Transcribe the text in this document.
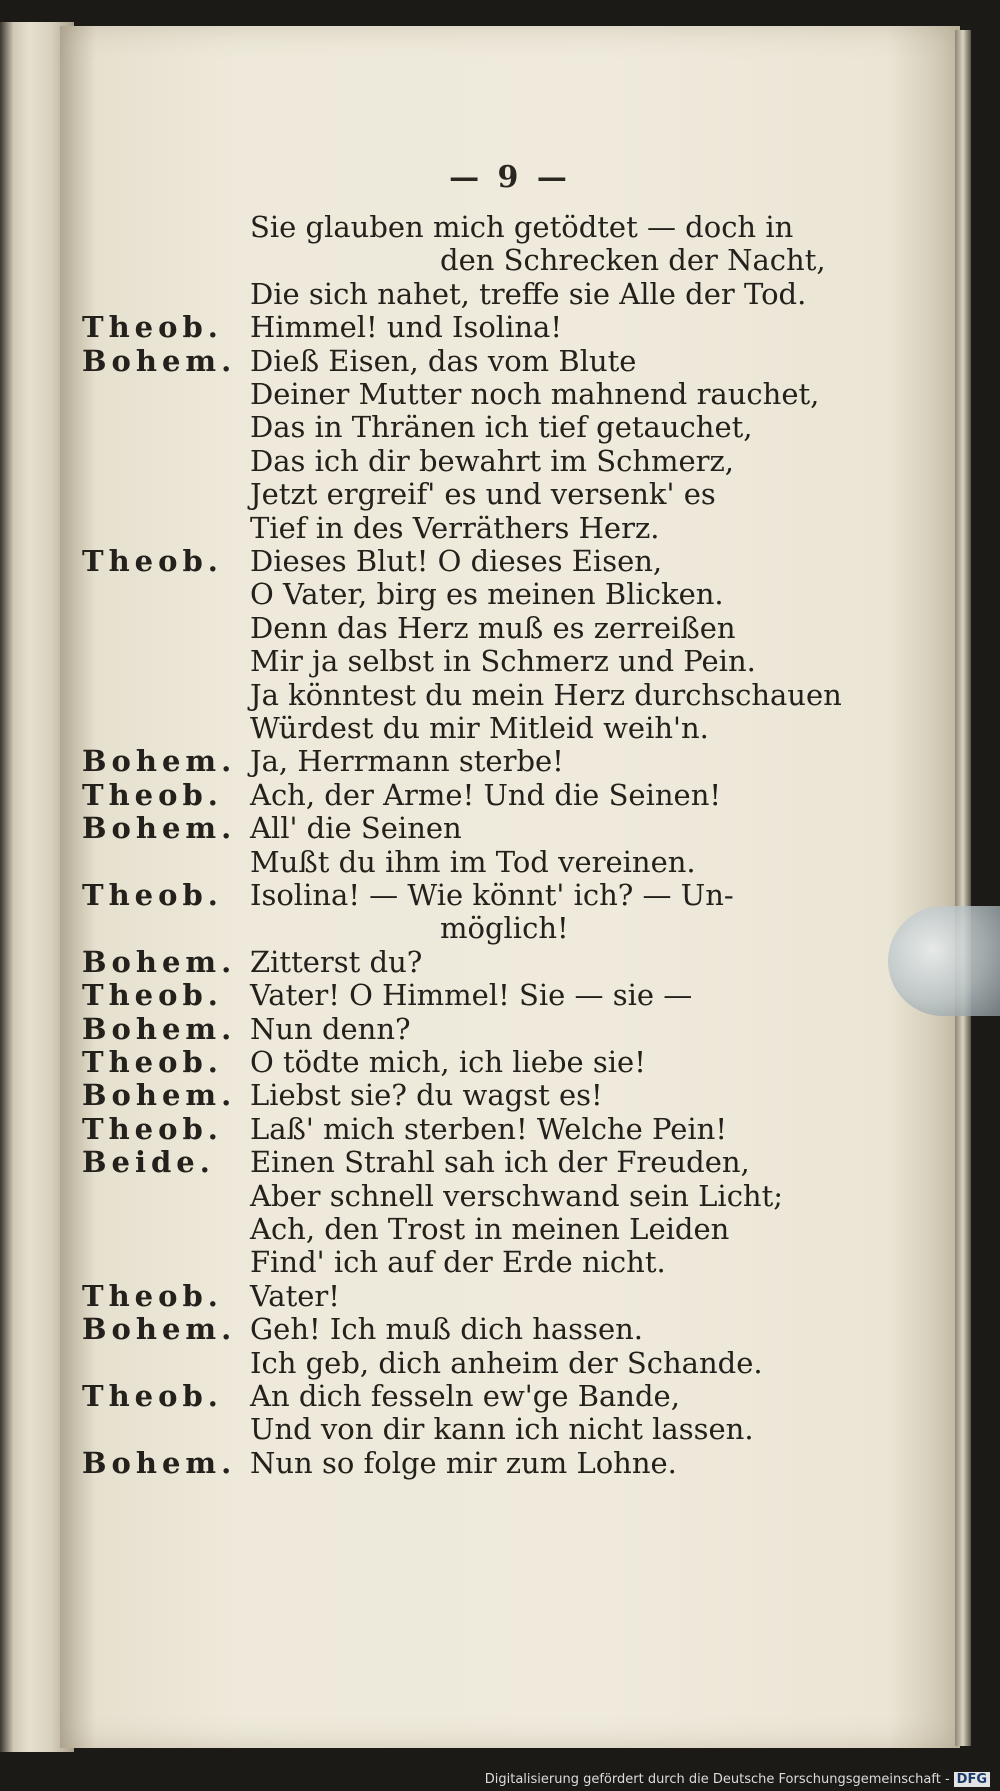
— 9 —
Sie glauben mich getödtet — doch in
den Schrecken der Nacht,
Die sich nahet, treffe sie Alle der Tod.
Theob. Himmel! und Isolina!
Bohem. Dieß Eisen, das vom Blute
Deiner Mutter noch mahnend rauchet,
Das in Thränen ich tief getauchet,
Das ich dir bewahrt im Schmerz,
Jetzt ergreif' es und versenk' es
Tief in des Verräthers Herz.
Theob. Dieses Blut! O dieses Eisen,
O Vater, birg es meinen Blicken.
Denn das Herz muß es zerreißen
Mir ja selbst in Schmerz und Pein.
Ja könntest du mein Herz durchschauen
Würdest du mir Mitleid weih'n.
Bohem. Ja, Herrmann sterbe!
Theob. Ach, der Arme! Und die Seinen!
Bohem. All' die Seinen
Mußt du ihm im Tod vereinen.
Theob. Isolina! — Wie könnt' ich? — Un-
möglich!
Bohem. Zitterst du?
Theob. Vater! O Himmel! Sie — sie —
Bohem. Nun denn?
Theob. O tödte mich, ich liebe sie!
Bohem. Liebst sie? du wagst es!
Theob. Laß' mich sterben! Welche Pein!
Beide. Einen Strahl sah ich der Freuden,
Aber schnell verschwand sein Licht;
Ach, den Trost in meinen Leiden
Find' ich auf der Erde nicht.
Theob. Vater!
Bohem. Geh! Ich muß dich hassen.
Ich geb, dich anheim der Schande.
Theob. An dich fesseln ew'ge Bande,
Und von dir kann ich nicht lassen.
Bohem. Nun so folge mir zum Lohne.
Digitalisierung gefördert durch die Deutsche Forschungsgemeinschaft - DFG
